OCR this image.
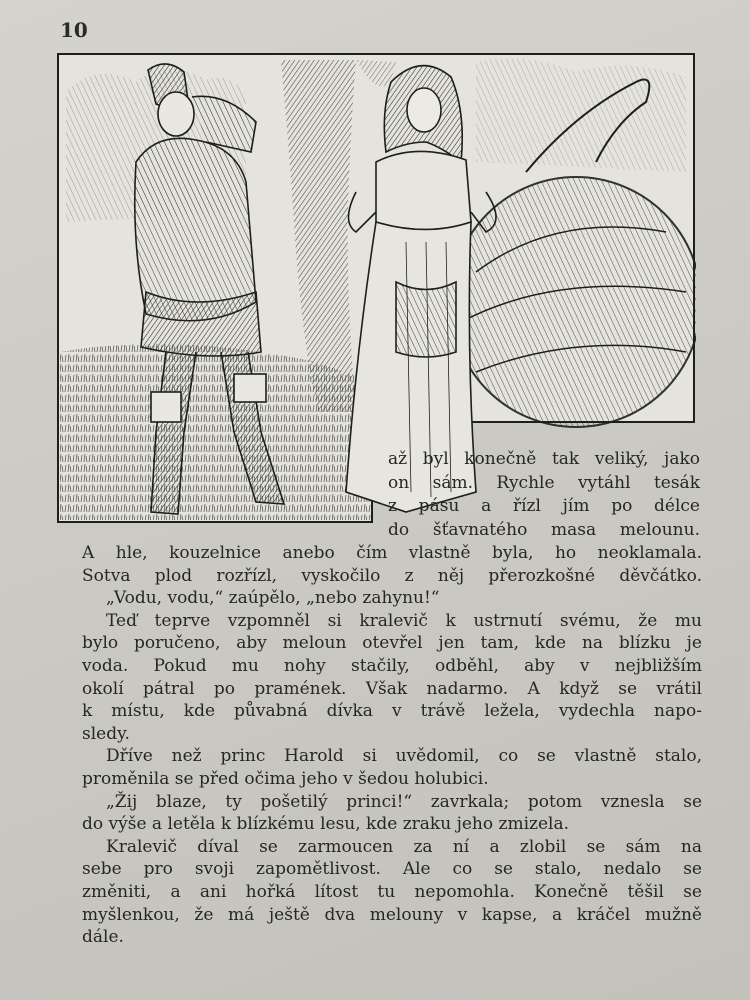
10
až byl konečně tak veliký, jako
on sám. Rychle vytáhl tesák
z pásu a řízl jím po délce
do šťavnatého masa melounu.
A hle, kouzelnice anebo čím vlastně byla, ho neoklamala.
Sotva plod rozřízl, vyskočilo z něj přerozkošné děvčátko.
„Vodu, vodu,“ zaúpělo, „nebo zahynu!“
Teď teprve vzpomněl si kralevič k ustrnutí svému, že mu
bylo poručeno, aby meloun otevřel jen tam, kde na blízku je
voda. Pokud mu nohy stačily, odběhl, aby v nejbližším
okolí pátral po pramének. Však nadarmo. A když se vrátil
k místu, kde půvabná dívka v trávě ležela, vydechla napo-
sledy.
Dříve než princ Harold si uvědomil, co se vlastně stalo,
proměnila se před očima jeho v šedou holubici.
„Žij blaze, ty pošetilý princi!“ zavrkala; potom vznesla se
do výše a letěla k blízkému lesu, kde zraku jeho zmizela.
Kralevič díval se zarmoucen za ní a zlobil se sám na
sebe pro svoji zapomětlivost. Ale co se stalo, nedalo se
změniti, a ani hořká lítost tu nepomohla. Konečně těšil se
myšlenkou, že má ještě dva melouny v kapse, a kráčel mužně
dále.
